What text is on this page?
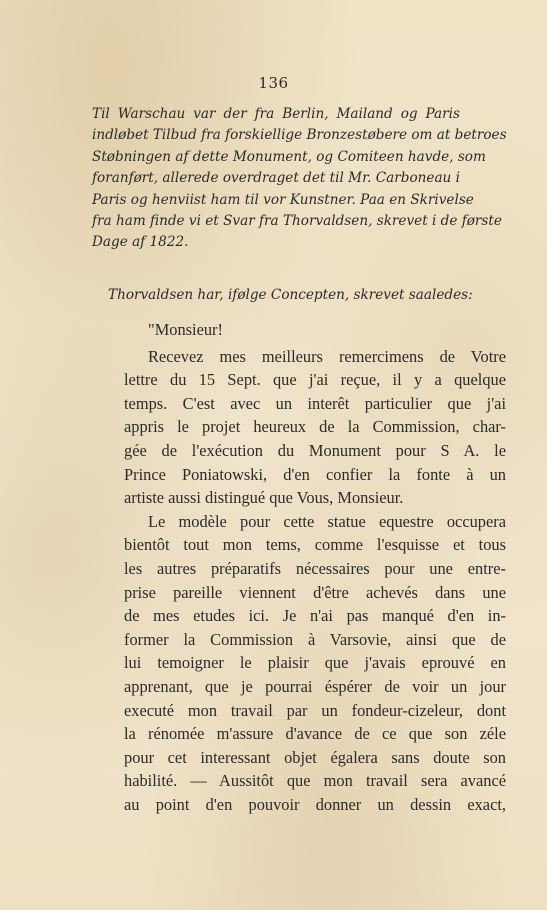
136
Til Warschau var der fra Berlin, Mailand og Paris
indløbet Tilbud fra forskiellige Bronzestøbere om at betroes
Støbningen af dette Monument, og Comiteen havde, som
foranført, allerede overdraget det til Mr. Carboneau i
Paris og henviist ham til vor Kunstner. Paa en Skrivelse
fra ham finde vi et Svar fra Thorvaldsen, skrevet i de første
Dage af 1822.
Thorvaldsen har, ifølge Concepten, skrevet saaledes:
"Monsieur!
Recevez mes meilleurs remercimens de Votre
lettre du 15 Sept. que j'ai reçue, il y a quelque
temps. C'est avec un interêt particulier que j'ai
appris le projet heureux de la Commission, char-
gée de l'exécution du Monument pour S A. le
Prince Poniatowski, d'en confier la fonte à un
artiste aussi distingué que Vous, Monsieur.
Le modèle pour cette statue equestre occupera
bientôt tout mon tems, comme l'esquisse et tous
les autres préparatifs nécessaires pour une entre-
prise pareille viennent d'être achevés dans une
de mes etudes ici. Je n'ai pas manqué d'en in-
former la Commission à Varsovie, ainsi que de
lui temoigner le plaisir que j'avais eprouvé en
apprenant, que je pourrai éspérer de voir un jour
executé mon travail par un fondeur-cizeleur, dont
la rénomée m'assure d'avance de ce que son zéle
pour cet interessant objet égalera sans doute son
habilité. — Aussitôt que mon travail sera avancé
au point d'en pouvoir donner un dessin exact,
